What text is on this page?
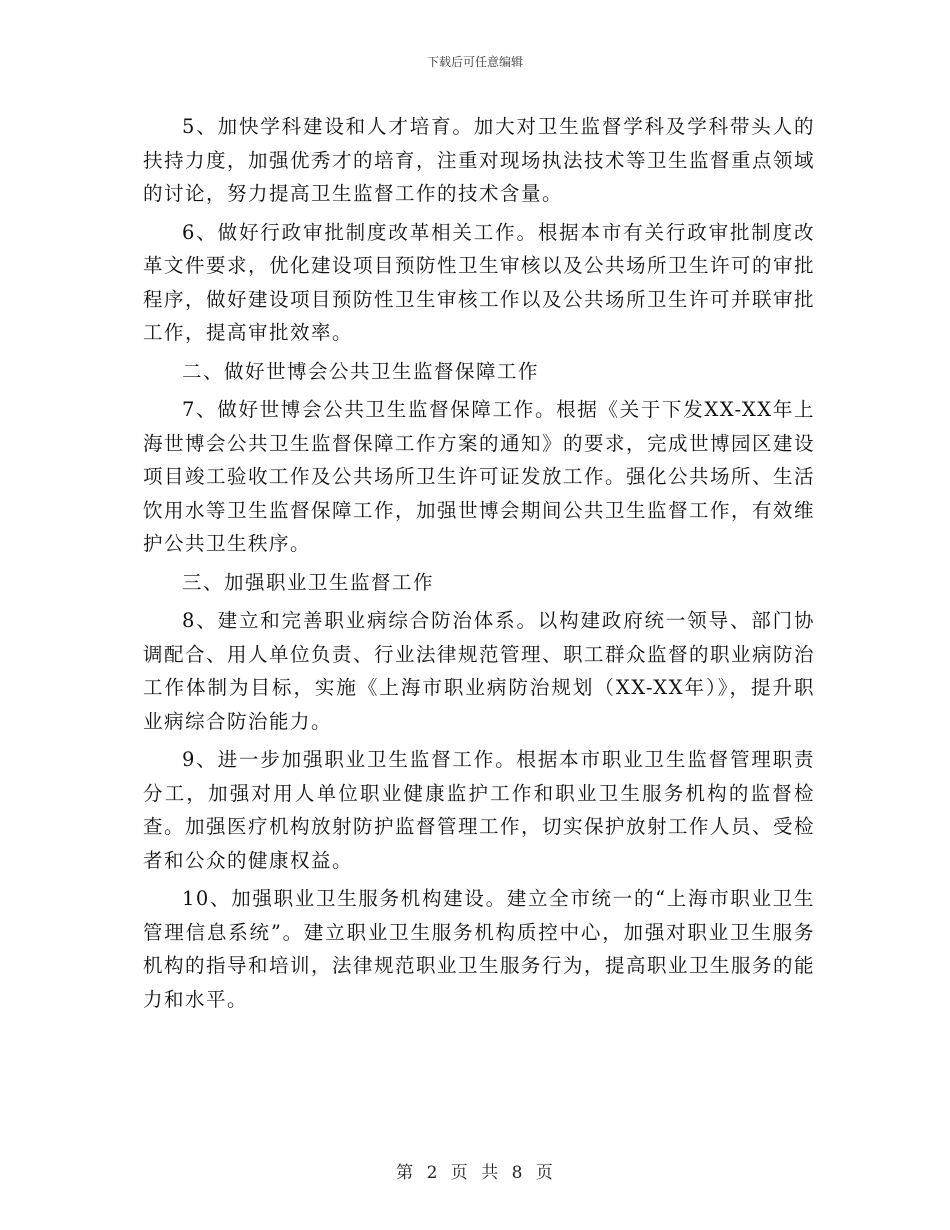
下载后可任意编辑

5、加快学科建设和人才培育。加大对卫生监督学科及学科带头人的扶持力度，加强优秀才的培育，注重对现场执法技术等卫生监督重点领域的讨论，努力提高卫生监督工作的技术含量。

6、做好行政审批制度改革相关工作。根据本市有关行政审批制度改革文件要求，优化建设项目预防性卫生审核以及公共场所卫生许可的审批程序，做好建设项目预防性卫生审核工作以及公共场所卫生许可并联审批工作，提高审批效率。

二、做好世博会公共卫生监督保障工作

7、做好世博会公共卫生监督保障工作。根据《关于下发XX-XX年上海世博会公共卫生监督保障工作方案的通知》的要求，完成世博园区建设项目竣工验收工作及公共场所卫生许可证发放工作。强化公共场所、生活饮用水等卫生监督保障工作，加强世博会期间公共卫生监督工作，有效维护公共卫生秩序。

三、加强职业卫生监督工作

8、建立和完善职业病综合防治体系。以构建政府统一领导、部门协调配合、用人单位负责、行业法律规范管理、职工群众监督的职业病防治工作体制为目标，实施《上海市职业病防治规划（XX-XX年）》，提升职业病综合防治能力。

9、进一步加强职业卫生监督工作。根据本市职业卫生监督管理职责分工，加强对用人单位职业健康监护工作和职业卫生服务机构的监督检查。加强医疗机构放射防护监督管理工作，切实保护放射工作人员、受检者和公众的健康权益。

10、加强职业卫生服务机构建设。建立全市统一的“上海市职业卫生管理信息系统”。建立职业卫生服务机构质控中心，加强对职业卫生服务机构的指导和培训，法律规范职业卫生服务行为，提高职业卫生服务的能力和水平。

第 2 页 共 8 页
